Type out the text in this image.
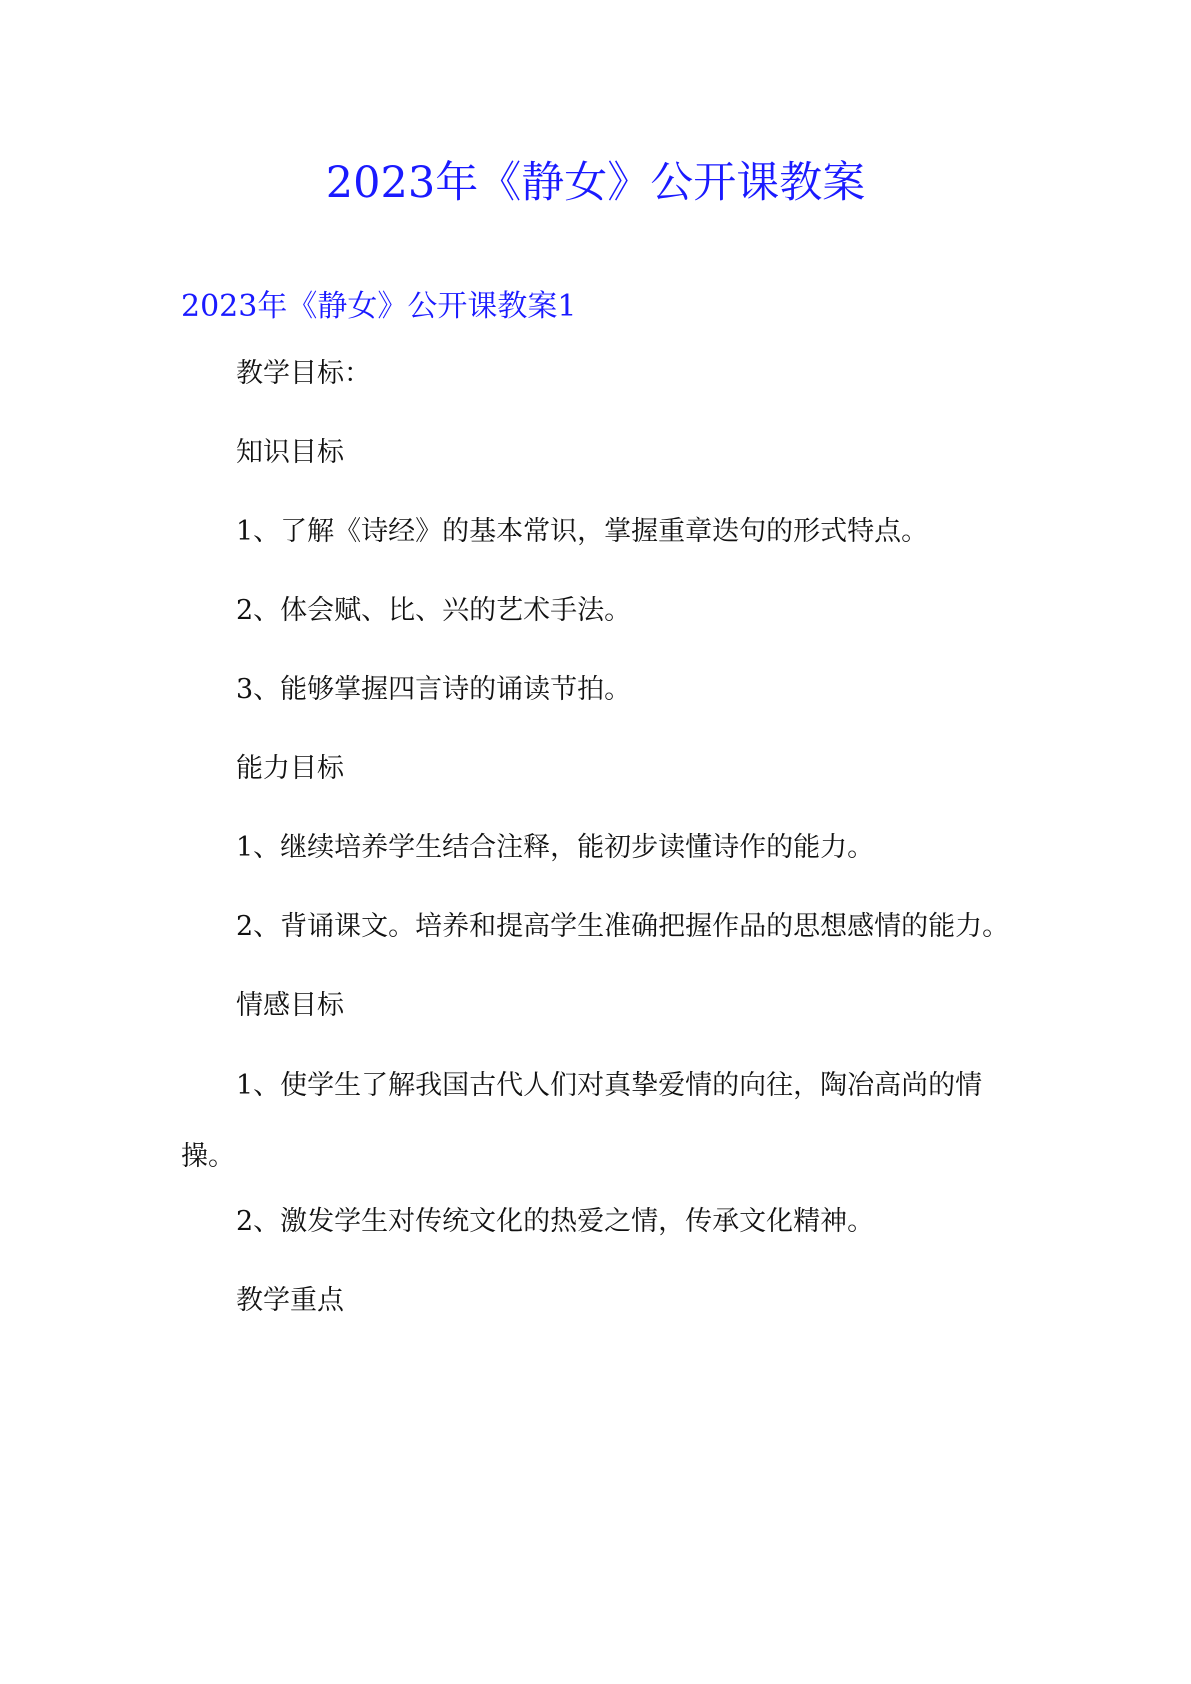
2023年《静女》公开课教案
2023年《静女》公开课教案1

教学目标：

知识目标

1、了解《诗经》的基本常识，掌握重章迭句的形式特点。

2、体会赋、比、兴的艺术手法。

3、能够掌握四言诗的诵读节拍。

能力目标

1、继续培养学生结合注释，能初步读懂诗作的能力。

2、背诵课文。培养和提高学生准确把握作品的思想感情的能力。

情感目标

1、使学生了解我国古代人们对真挚爱情的向往，陶冶高尚的情操。

2、激发学生对传统文化的热爱之情，传承文化精神。

教学重点
